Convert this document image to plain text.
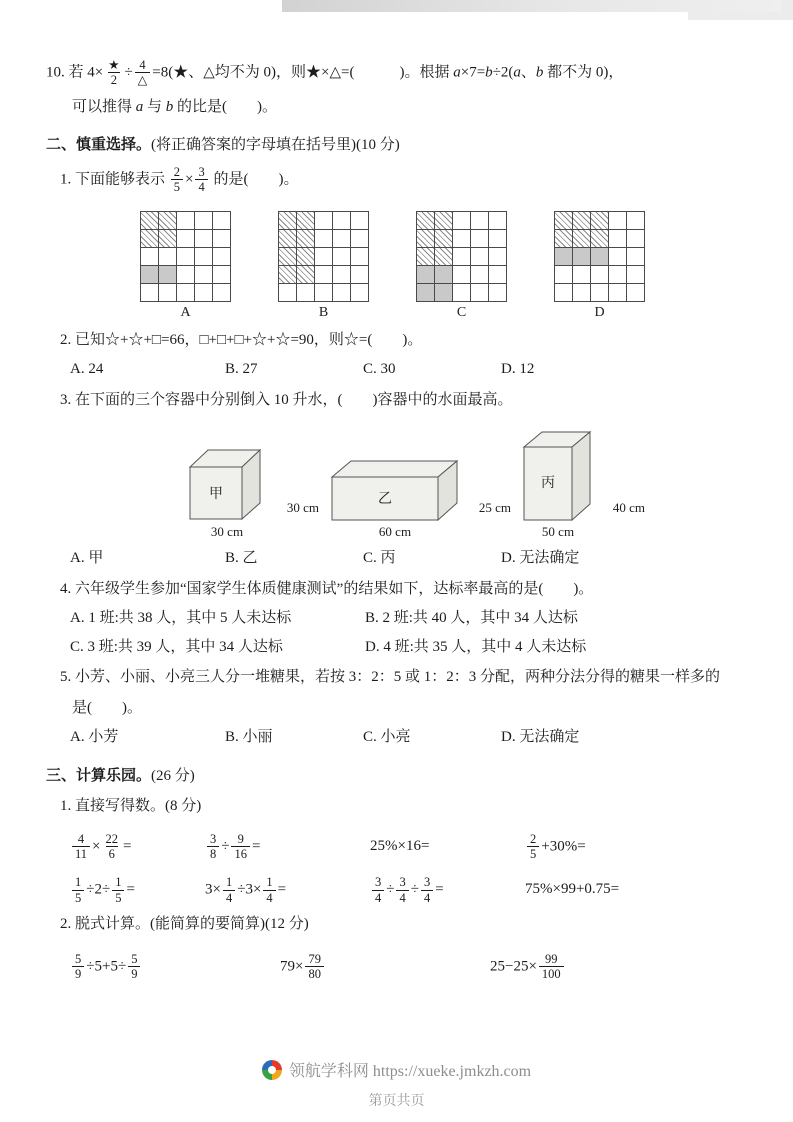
10. 若 $4\times \frac{★}{2} \div \frac{4}{\triangle}$ =8(★、△均不为 0)，则★×△=(　　　)。根据 a×7=b÷2(a、b 都不为 0)，
可以推得 a 与 b 的比是(　　)。
二、慎重选择。(将正确答案的字母填在括号里)(10 分)
1. 下面能够表示 $\frac{2}{5} \times \frac{3}{4}$ 的是(　　)。
A	B	C	D
2. 已知☆+☆+□=66，□+□+□+☆+☆=90，则☆=(　　)。
A. 24	B. 27	C. 30	D. 12
3. 在下面的三个容器中分别倒入 10 升水，(　　)容器中的水面最高。
甲
30 cm
30 cm
乙
25 cm
60 cm
丙
40 cm
50 cm
A. 甲	B. 乙	C. 丙	D. 无法确定
4. 六年级学生参加“国家学生体质健康测试”的结果如下，达标率最高的是(　　)。
A. 1 班:共 38 人，其中 5 人未达标	B. 2 班:共 40 人，其中 34 人达标
C. 3 班:共 39 人，其中 34 人达标	D. 4 班:共 35 人，其中 4 人未达标
5. 小芳、小丽、小亮三人分一堆糖果，若按 3：2：5 或 1：2：3 分配，两种分法分得的糖果一样多的
是(　　)。
A. 小芳	B. 小丽	C. 小亮	D. 无法确定
三、计算乐园。(26 分)
1. 直接写得数。(8 分)
$\frac{4}{11} \times \frac{22}{6}$ =	$\frac{3}{8} \div \frac{9}{16}$ =	25%×16=	$\frac{2}{5} +30\%=$
$\frac{1}{5} \div 2\div \frac{1}{5}$ =	$3\times \frac{1}{4} \div 3\times \frac{1}{4}$ =	$\frac{3}{4} \div \frac{3}{4} \div \frac{3}{4}$ =	75%×99+0.75=
2. 脱式计算。(能简算的要简算)(12 分)
$\frac{5}{9} \div 5+5\div \frac{5}{9}$	$79\times \frac{79}{80}$	$25-25\times \frac{99}{100}$
领航学科网 https://xueke.jmkzh.com
第页共页
